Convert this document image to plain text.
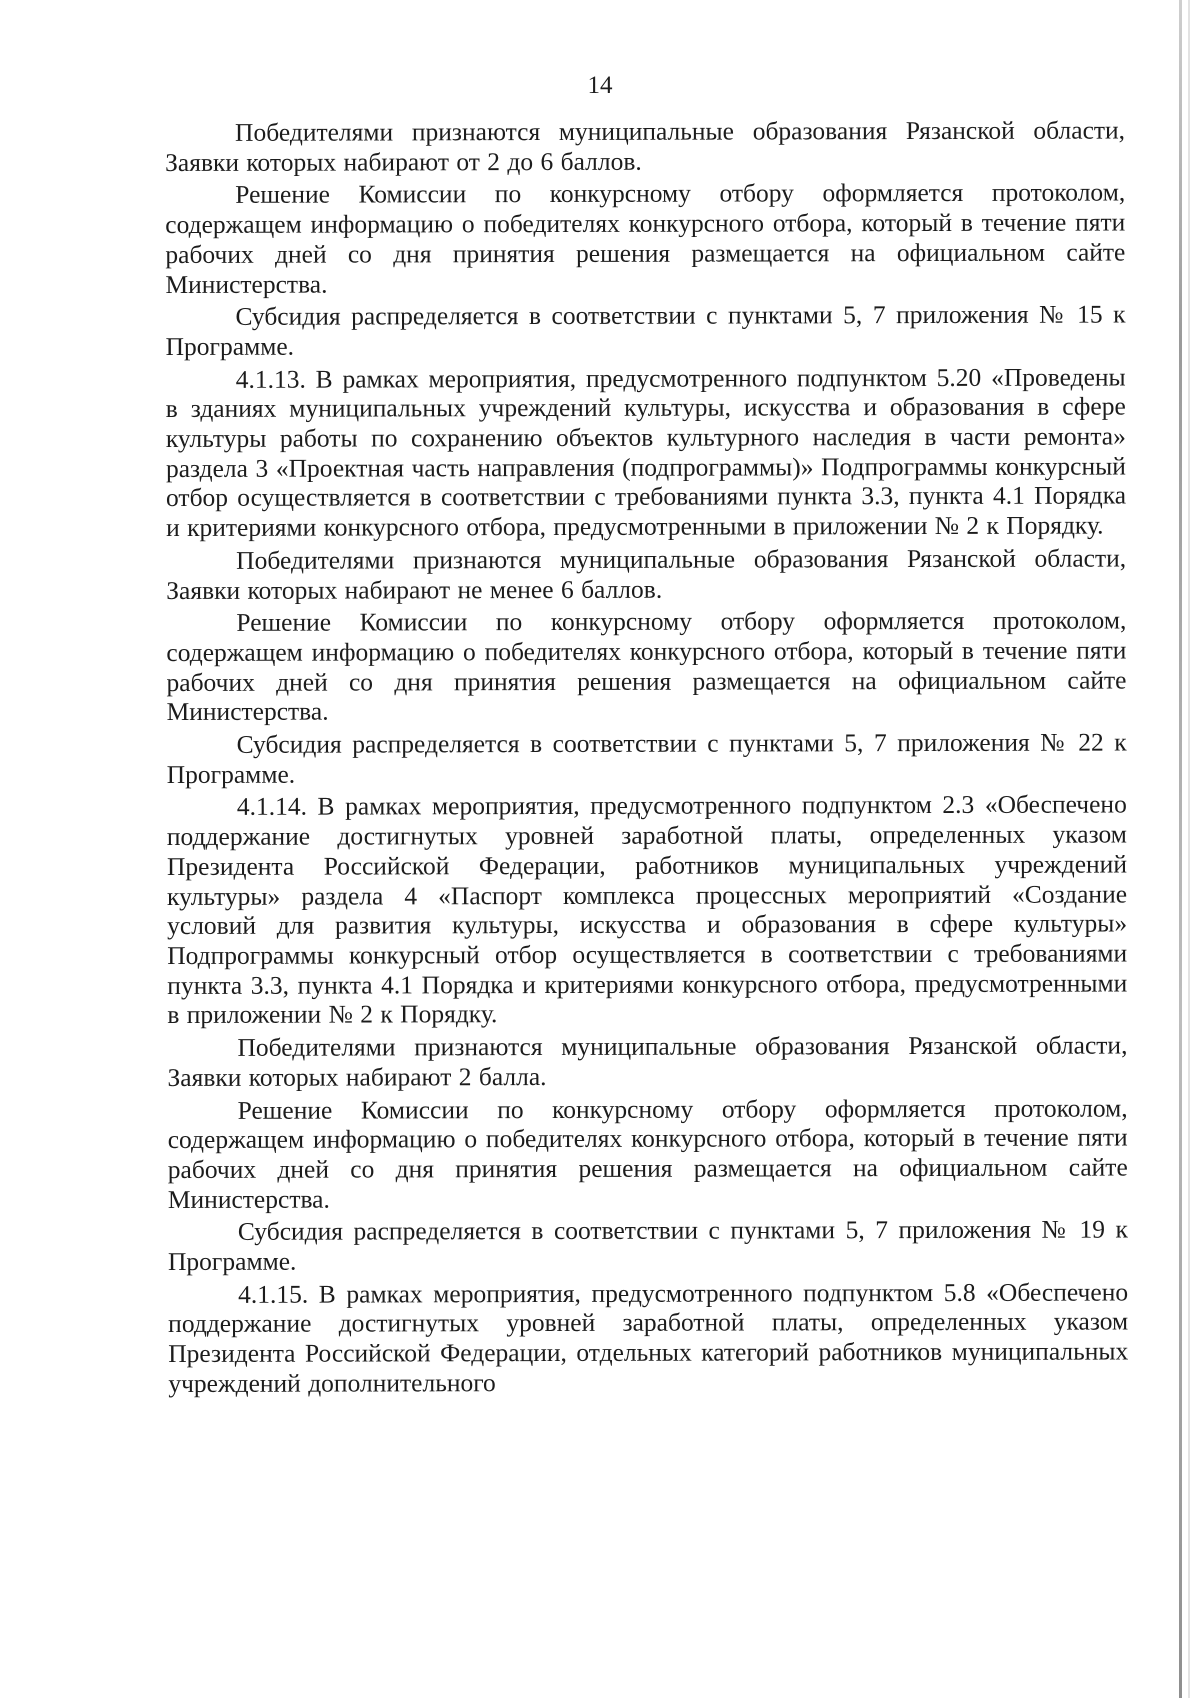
14

Победителями признаются муниципальные образования Рязанской области, Заявки которых набирают от 2 до 6 баллов.

Решение Комиссии по конкурсному отбору оформляется протоколом, содержащем информацию о победителях конкурсного отбора, который в течение пяти рабочих дней со дня принятия решения размещается на официальном сайте Министерства.

Субсидия распределяется в соответствии с пунктами 5, 7 приложения № 15 к Программе.

4.1.13. В рамках мероприятия, предусмотренного подпунктом 5.20 «Проведены в зданиях муниципальных учреждений культуры, искусства и образования в сфере культуры работы по сохранению объектов культурного наследия в части ремонта» раздела 3 «Проектная часть направления (подпрограммы)» Подпрограммы конкурсный отбор осуществляется в соответствии с требованиями пункта 3.3, пункта 4.1 Порядка и критериями конкурсного отбора, предусмотренными в приложении № 2 к Порядку.

Победителями признаются муниципальные образования Рязанской области, Заявки которых набирают не менее 6 баллов.

Решение Комиссии по конкурсному отбору оформляется протоколом, содержащем информацию о победителях конкурсного отбора, который в течение пяти рабочих дней со дня принятия решения размещается на официальном сайте Министерства.

Субсидия распределяется в соответствии с пунктами 5, 7 приложения № 22 к Программе.

4.1.14. В рамках мероприятия, предусмотренного подпунктом 2.3 «Обеспечено поддержание достигнутых уровней заработной платы, определенных указом Президента Российской Федерации, работников муниципальных учреждений культуры» раздела 4 «Паспорт комплекса процессных мероприятий «Создание условий для развития культуры, искусства и образования в сфере культуры» Подпрограммы конкурсный отбор осуществляется в соответствии с требованиями пункта 3.3, пункта 4.1 Порядка и критериями конкурсного отбора, предусмотренными в приложении № 2 к Порядку.

Победителями признаются муниципальные образования Рязанской области, Заявки которых набирают 2 балла.

Решение Комиссии по конкурсному отбору оформляется протоколом, содержащем информацию о победителях конкурсного отбора, который в течение пяти рабочих дней со дня принятия решения размещается на официальном сайте Министерства.

Субсидия распределяется в соответствии с пунктами 5, 7 приложения № 19 к Программе.

4.1.15. В рамках мероприятия, предусмотренного подпунктом 5.8 «Обеспечено поддержание достигнутых уровней заработной платы, определенных указом Президента Российской Федерации, отдельных категорий работников муниципальных учреждений дополнительного
